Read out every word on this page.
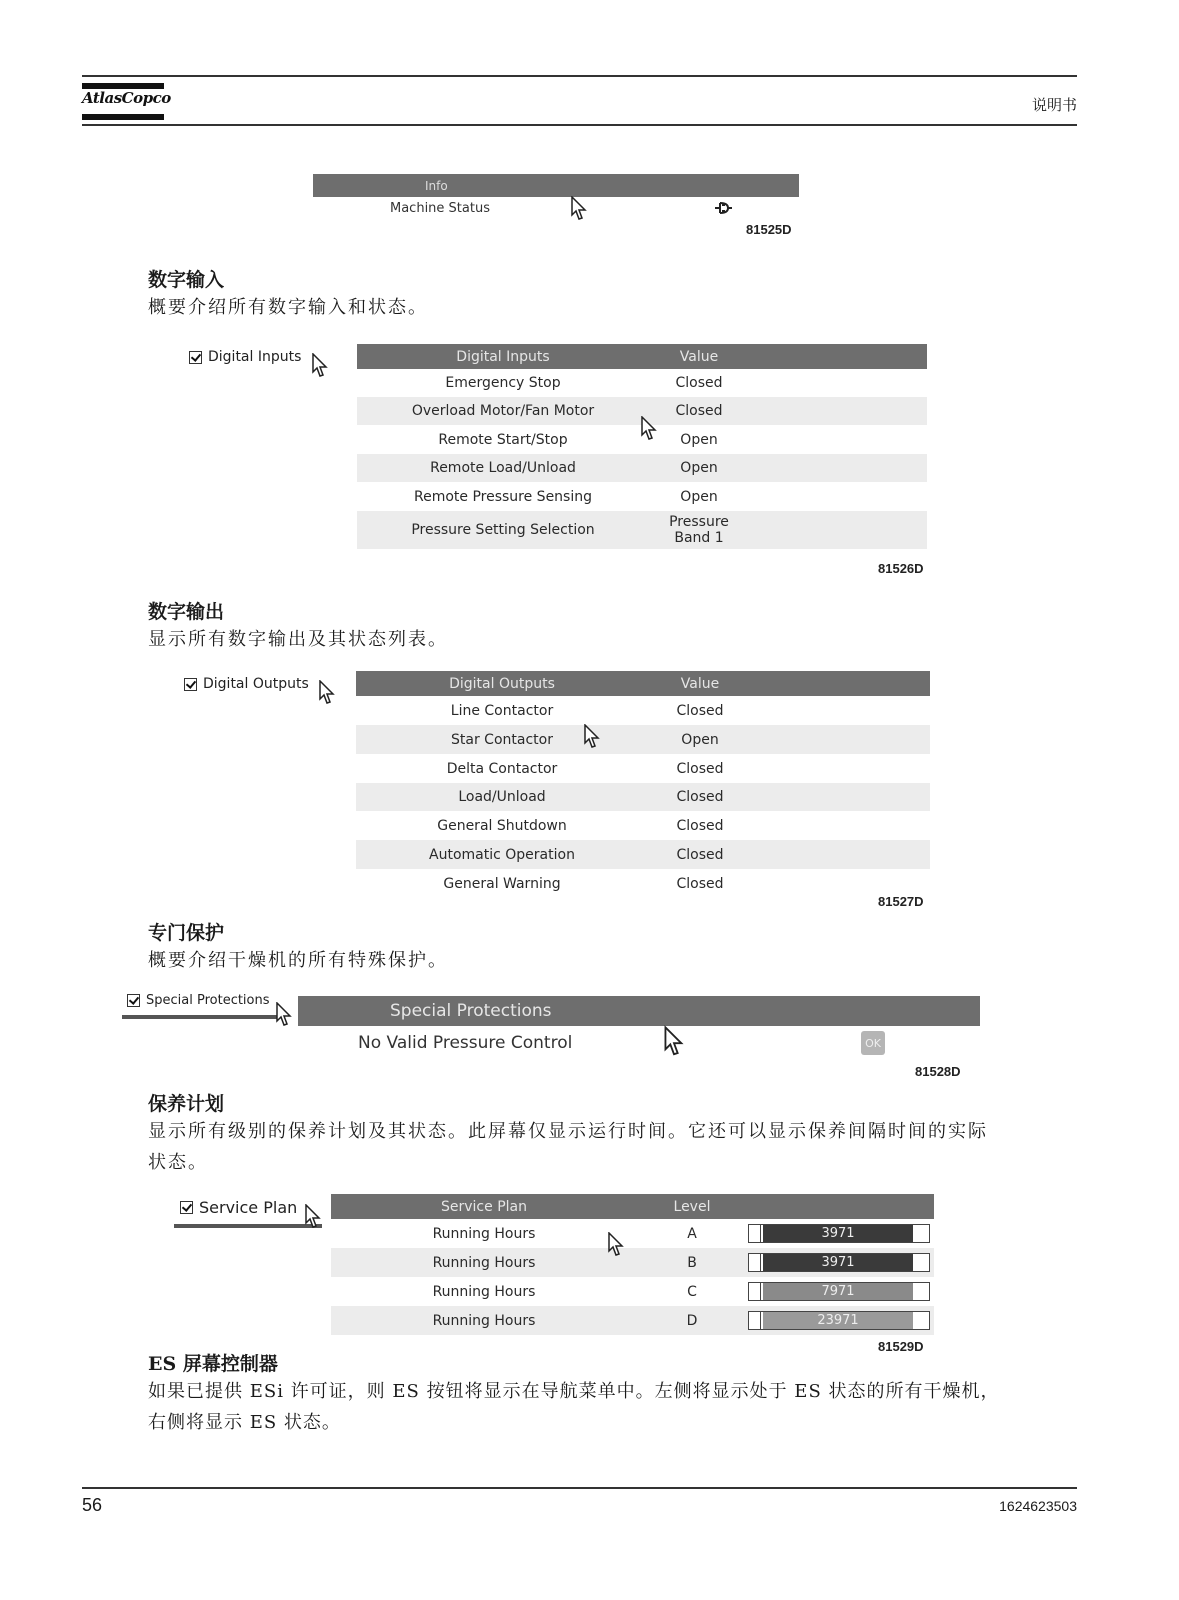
AtlasCopco	说明书
Info
Machine Status
81525D
数字输入

概要介绍所有数字输入和状态。

Digital Inputs	Digital Inputs	Value
Emergency Stop	Closed
Overload Motor/Fan Motor	Closed
Remote Start/Stop	Open
Remote Load/Unload	Open
Remote Pressure Sensing	Open
Pressure Setting Selection	Pressure Band 1
81526D
数字输出

显示所有数字输出及其状态列表。

Digital Outputs	Digital Outputs	Value
Line Contactor	Closed
Star Contactor	Open
Delta Contactor	Closed
Load/Unload	Closed
General Shutdown	Closed
Automatic Operation	Closed
General Warning	Closed
81527D
专门保护

概要介绍干燥机的所有特殊保护。

Special Protections
Special Protections
No Valid Pressure Control	OK
81528D
保养计划

显示所有级别的保养计划及其状态。此屏幕仅显示运行时间。它还可以显示保养间隔时间的实际
状态。

Service Plan	Service Plan	Level
Running Hours	A	3971
Running Hours	B	3971
Running Hours	C	7971
Running Hours	D	23971
81529D
ES 屏幕控制器

如果已提供 ESi 许可证，则 ES 按钮将显示在导航菜单中。左侧将显示处于 ES 状态的所有干燥机，
右侧将显示 ES 状态。

56	1624623503
